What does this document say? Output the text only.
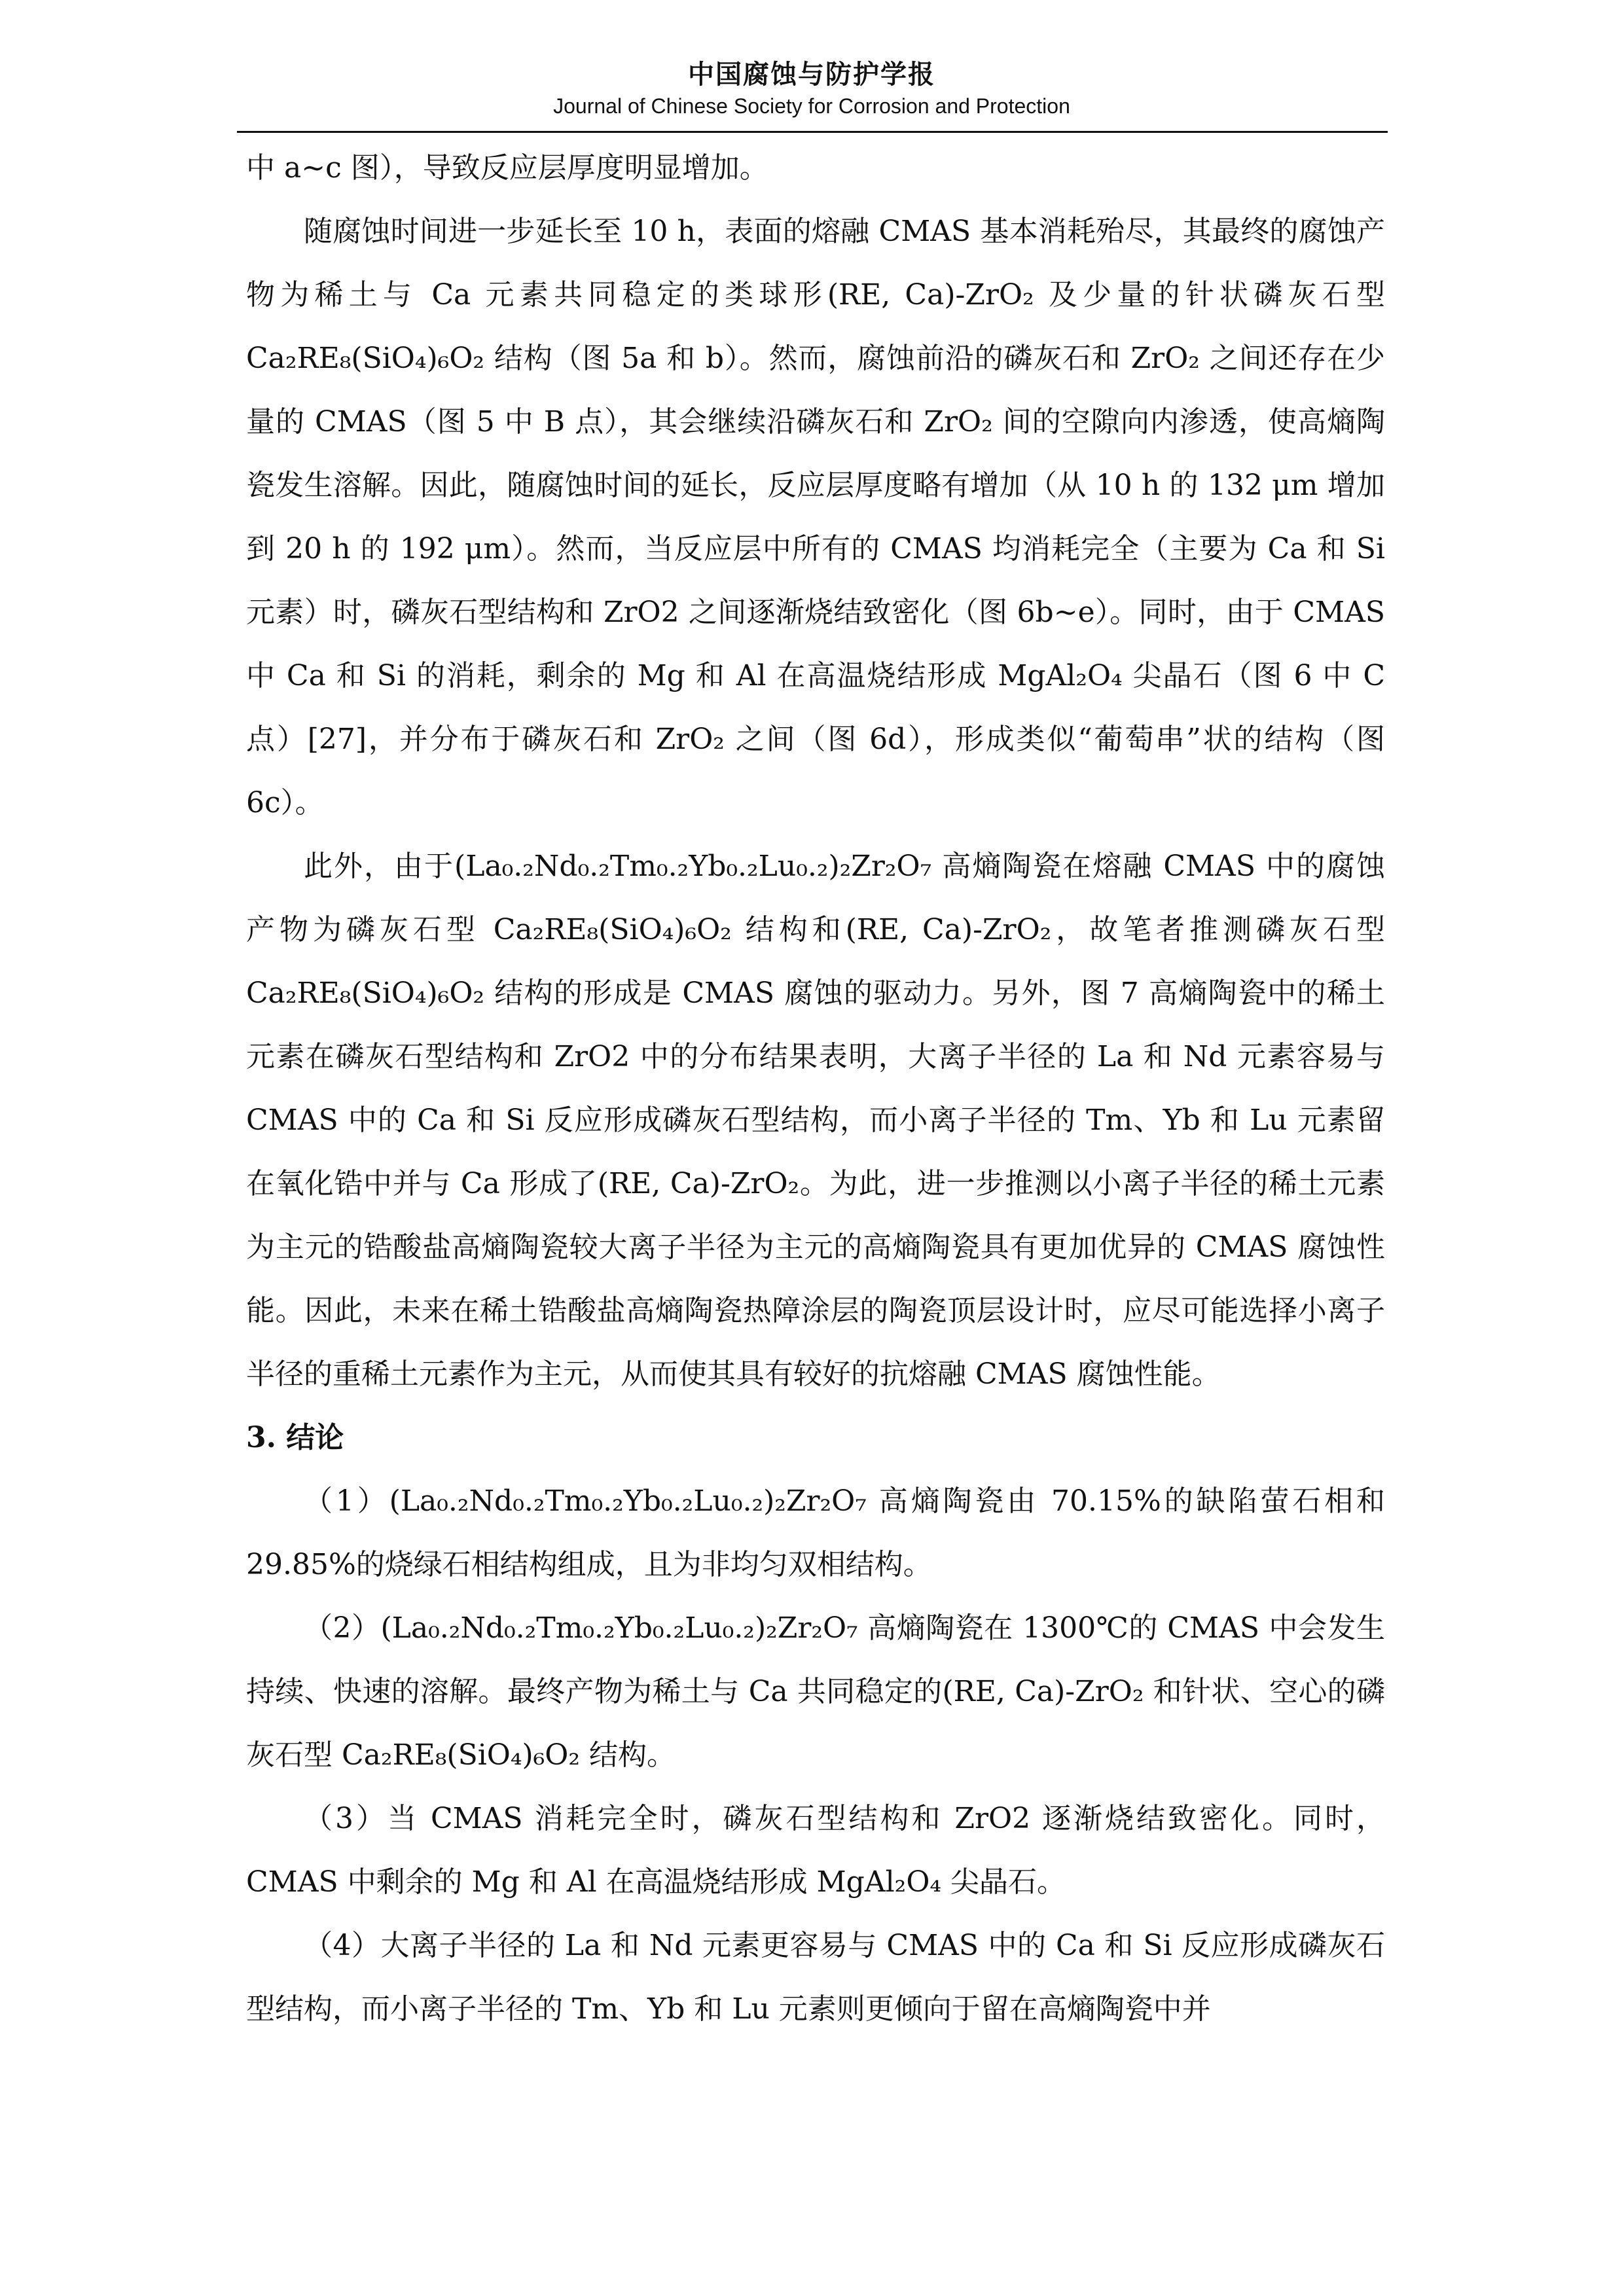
中国腐蚀与防护学报
Journal of Chinese Society for Corrosion and Protection

中 a~c 图），导致反应层厚度明显增加。

随腐蚀时间进一步延长至 10 h，表面的熔融 CMAS 基本消耗殆尽，其最终的腐蚀产物为稀土与 Ca 元素共同稳定的类球形(RE, Ca)-ZrO₂ 及少量的针状磷灰石型 Ca₂RE₈(SiO₄)₆O₂ 结构（图 5a 和 b）。然而，腐蚀前沿的磷灰石和 ZrO₂ 之间还存在少量的 CMAS（图 5 中 B 点），其会继续沿磷灰石和 ZrO₂ 间的空隙向内渗透，使高熵陶瓷发生溶解。因此，随腐蚀时间的延长，反应层厚度略有增加（从 10 h 的 132 μm 增加到 20 h 的 192 μm）。然而，当反应层中所有的 CMAS 均消耗完全（主要为 Ca 和 Si 元素）时，磷灰石型结构和 ZrO2 之间逐渐烧结致密化（图 6b~e）。同时，由于 CMAS 中 Ca 和 Si 的消耗，剩余的 Mg 和 Al 在高温烧结形成 MgAl₂O₄ 尖晶石（图 6 中 C 点）[27]，并分布于磷灰石和 ZrO₂ 之间（图 6d），形成类似“葡萄串”状的结构（图 6c）。

此外，由于(La₀.₂Nd₀.₂Tm₀.₂Yb₀.₂Lu₀.₂)₂Zr₂O₇ 高熵陶瓷在熔融 CMAS 中的腐蚀产物为磷灰石型 Ca₂RE₈(SiO₄)₆O₂ 结构和(RE, Ca)-ZrO₂，故笔者推测磷灰石型 Ca₂RE₈(SiO₄)₆O₂ 结构的形成是 CMAS 腐蚀的驱动力。另外，图 7 高熵陶瓷中的稀土元素在磷灰石型结构和 ZrO2 中的分布结果表明，大离子半径的 La 和 Nd 元素容易与 CMAS 中的 Ca 和 Si 反应形成磷灰石型结构，而小离子半径的 Tm、Yb 和 Lu 元素留在氧化锆中并与 Ca 形成了(RE, Ca)-ZrO₂。为此，进一步推测以小离子半径的稀土元素为主元的锆酸盐高熵陶瓷较大离子半径为主元的高熵陶瓷具有更加优异的 CMAS 腐蚀性能。因此，未来在稀土锆酸盐高熵陶瓷热障涂层的陶瓷顶层设计时，应尽可能选择小离子半径的重稀土元素作为主元，从而使其具有较好的抗熔融 CMAS 腐蚀性能。

3. 结论

（1）(La₀.₂Nd₀.₂Tm₀.₂Yb₀.₂Lu₀.₂)₂Zr₂O₇ 高熵陶瓷由 70.15%的缺陷萤石相和 29.85%的烧绿石相结构组成，且为非均匀双相结构。

（2）(La₀.₂Nd₀.₂Tm₀.₂Yb₀.₂Lu₀.₂)₂Zr₂O₇ 高熵陶瓷在 1300℃的 CMAS 中会发生持续、快速的溶解。最终产物为稀土与 Ca 共同稳定的(RE, Ca)-ZrO₂ 和针状、空心的磷灰石型 Ca₂RE₈(SiO₄)₆O₂ 结构。

（3）当 CMAS 消耗完全时，磷灰石型结构和 ZrO2 逐渐烧结致密化。同时，CMAS 中剩余的 Mg 和 Al 在高温烧结形成 MgAl₂O₄ 尖晶石。

（4）大离子半径的 La 和 Nd 元素更容易与 CMAS 中的 Ca 和 Si 反应形成磷灰石型结构，而小离子半径的 Tm、Yb 和 Lu 元素则更倾向于留在高熵陶瓷中并
